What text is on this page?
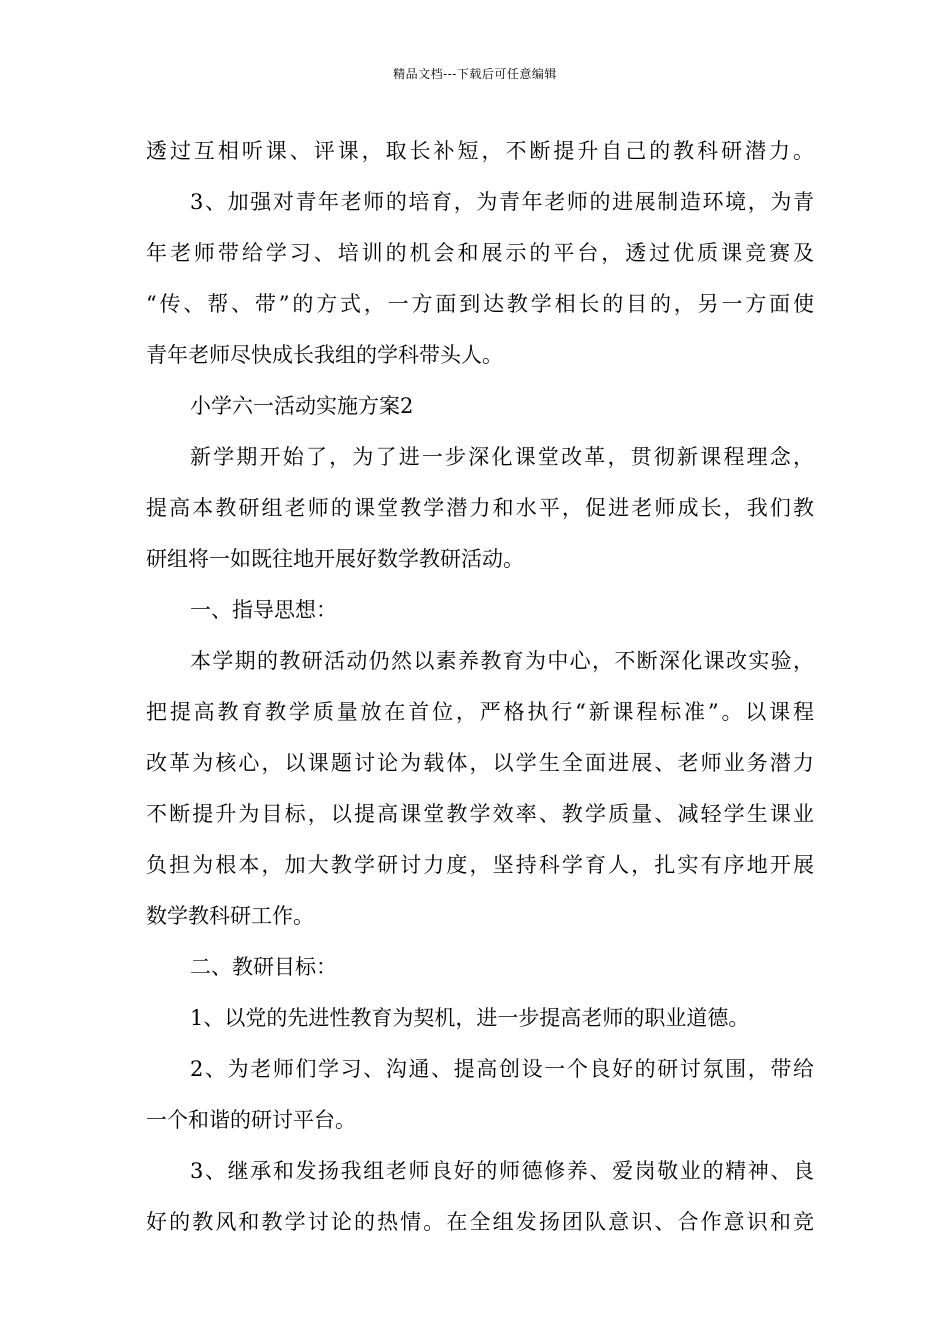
精品文档---下载后可任意编辑
透过互相听课、评课，取长补短，不断提升自己的教科研潜力。
3、加强对青年老师的培育，为青年老师的进展制造环境，为青
年老师带给学习、培训的机会和展示的平台，透过优质课竞赛及
“传、帮、带”的方式，一方面到达教学相长的目的，另一方面使
青年老师尽快成长我组的学科带头人。
小学六一活动实施方案2
新学期开始了，为了进一步深化课堂改革，贯彻新课程理念，
提高本教研组老师的课堂教学潜力和水平，促进老师成长，我们教
研组将一如既往地开展好数学教研活动。
一、指导思想：
本学期的教研活动仍然以素养教育为中心，不断深化课改实验，
把提高教育教学质量放在首位，严格执行“新课程标准”。以课程
改革为核心，以课题讨论为载体，以学生全面进展、老师业务潜力
不断提升为目标，以提高课堂教学效率、教学质量、减轻学生课业
负担为根本，加大教学研讨力度，坚持科学育人，扎实有序地开展
数学教科研工作。
二、教研目标：
1、以党的先进性教育为契机，进一步提高老师的职业道德。
2、为老师们学习、沟通、提高创设一个良好的研讨氛围，带给
一个和谐的研讨平台。
3、继承和发扬我组老师良好的师德修养、爱岗敬业的精神、良
好的教风和教学讨论的热情。在全组发扬团队意识、合作意识和竞
